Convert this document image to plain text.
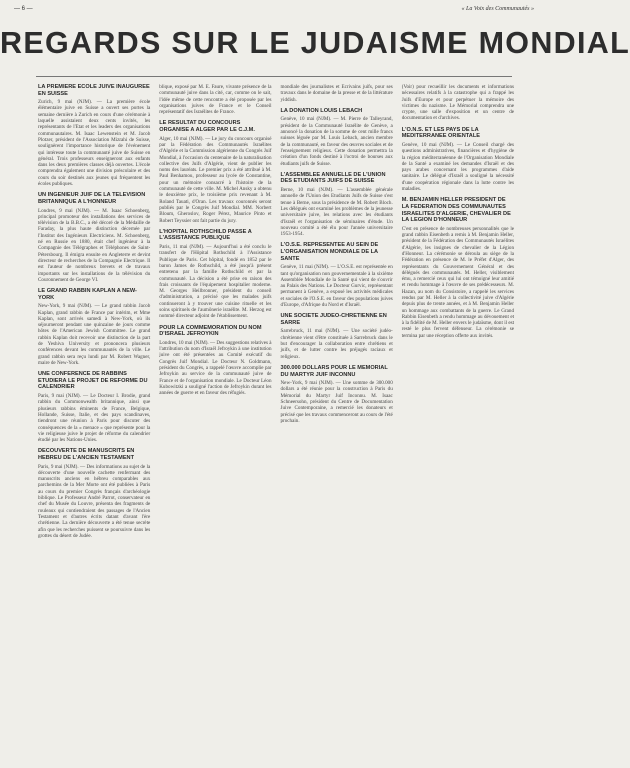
— 6 —	« La Voix des Communautés »
REGARDS SUR LE JUDAISME MONDIAL
LA PREMIERE ECOLE JUIVE INAUGUREE EN SUISSE

Zurich, 9 mai (NJM). — La première école élémentaire juive en Suisse a ouvert ses portes la semaine dernière à Zurich en cours d'une cérémonie à laquelle assistaient deux cents invités, les représentants de l'Etat et les leaders des organisations communautaires. M. Isaac Lewenstein et M. Jacob Plotzer, président de l'Association Mizrahi de Suisse, soulignèrent l'importance historique de l'événement qui intéresse toute la communauté juive de Suisse en général. Trois professeurs enseigneront aux enfants dans les deux premières classes déjà ouvertes. L'école comprendra également une division préscolaire et des cours du soir destinés aux jeunes qui fréquentent les écoles publiques.

UN INGENIEUR JUIF DE LA TELEVISION BRITANNIQUE A L'HONNEUR

Londres, 9 mai (NJM). — M. Isaac Schoenberg, principal promoteur des installations des services de télévision de la B.B.C., a été décoré de la Médaille de Faraday, la plus haute distinction décernée par l'Institut des Ingénieurs Electriciens. M. Schoenberg, né en Russie en 1880, était chef ingénieur à la Compagnie des Télégraphes et Téléphones de Saint-Pétersbourg. Il émigra ensuite en Angleterre et devint directeur de recherches de la Compagnie Electrique. Il est l'auteur de nombreux brevets et de travaux importants sur les installations de la télévision du Couronnement de George VI.

LE GRAND RABBIN KAPLAN A NEW-YORK

New-York, 9 mai (NJM). — Le grand rabbin Jacob Kaplan, grand rabbin de France par intérim, et Mme Kaplan, sont arrivés samedi à New-York, où ils séjourneront pendant une quinzaine de jours comme hôtes de l'American Jewish Committee. Le grand rabbin Kaplan doit recevoir une distinction de la part de Yeshiva University et prononcera plusieurs conférences devant les communautés de la ville. Le grand rabbin sera reçu lundi par M. Robert Wagner, maire de New-York.

UNE CONFERENCE DE RABBINS ETUDIERA LE PROJET DE REFORME DU CALENDRIER

Paris, 9 mai (NJM). — Le Docteur I. Brodie, grand rabbin du Commonwealth britannique, ainsi que plusieurs rabbins éminents de France, Belgique, Hollande, Suisse, Italie, et des pays scandinaves, tiendront une réunion à Paris pour discuter des conséquences de la « menace » que représente pour la vie religieuse juive le projet de réforme du calendrier étudié par les Nations-Unies.

DECOUVERTE DE MANUSCRITS EN HEBREU DE L'ANCIEN TESTAMENT

Paris, 9 mai (NJM). — Des informations au sujet de la découverte d'une nouvelle cachette renfermant des manuscrits anciens en hébreu comparables aux parchemins de la Mer Morte ont été publiées à Paris au cours du premier Congrès français d'archéologie biblique. Le Professeur André Parrot, conservateur en chef du Musée du Louvre, présenta des fragments de rouleaux qui contiendraient des passages de l'Ancien Testament et d'autres écrits datant d'avant l'ère chrétienne. La dernière découverte a été tenue secrète afin que les recherches puissent se poursuivre dans les grottes du désert de Judée.

blique, exposé par M. E. Faure, vivante présence de la communauté juive dans la cité, car, comme on le sait, l'idée même de cette rencontre a été proposée par les organisations juives de France et le Conseil représentatif des Israélites de France.

LE RESULTAT DU CONCOURS ORGANISE A ALGER PAR LE C.J.M.

Alger, 10 mai (NJM). — Le jury du concours organisé par la Fédération des Communautés Israélites d'Algérie et la Commission algérienne du Congrès Juif Mondial, à l'occasion du centenaire de la naturalisation collective des Juifs d'Algérie, vient de publier les noms des lauréats. Le premier prix a été attribué à M. Paul Benhamou, professeur au lycée de Constantine, pour un mémoire consacré à l'histoire de la communauté de cette ville. M. Michel Ansky a obtenu le deuxième prix, le troisième prix revenant à M. Roland Tauati, d'Oran. Les travaux couronnés seront publiés par le Congrès Juif Mondial. MM. Norbert Bloum, Gheroslov, Roger Pérez, Maurice Pinto et Robert Teyssier ont fait partie du jury.

L'HOPITAL ROTHSCHILD PASSE A L'ASSISTANCE PUBLIQUE

Paris, 11 mai (NJM). — Aujourd'hui a été conclu le transfert de l'Hôpital Rothschild à l'Assistance Publique de Paris. Cet hôpital, fondé en 1852 par le baron James de Rothschild, a été jusqu'à présent entretenu par la famille Rothschild et par la communauté. La décision a été prise en raison des frais croissants de l'équipement hospitalier moderne. M. Georges Heilbronner, président du conseil d'administration, a précisé que les malades juifs continueront à y trouver une cuisine rituelle et les soins spirituels de l'aumônerie israélite. M. Herzog est nommé directeur adjoint de l'établissement.

POUR LA COMMEMORATION DU NOM D'ISRAEL JEFROYKIN

Londres, 10 mai (NJM). — Des suggestions relatives à l'attribution du nom d'Israël Jefroykin à une institution juive ont été présentées au Comité exécutif du Congrès Juif Mondial. Le Docteur N. Goldmann, président du Congrès, a rappelé l'œuvre accomplie par Jefroykin au service de la communauté juive de France et de l'organisation mondiale. Le Docteur Léon Kubowitzki a souligné l'action de Jefroykin durant les années de guerre et en faveur des réfugiés.

mondiale des journalistes et Ecrivains juifs, pour ses travaux dans le domaine de la presse et de la littérature yiddish.

LA DONATION LOUIS LEBACH

Genève, 10 mai (NJM). — M. Pierre de Talleyrand, président de la Communauté Israélite de Genève, a annoncé la donation de la somme de cent mille francs suisses léguée par M. Louis Lebach, ancien membre de la communauté, en faveur des œuvres sociales et de l'enseignement religieux. Cette donation permettra la création d'un fonds destiné à l'octroi de bourses aux étudiants juifs de Suisse.

L'ASSEMBLEE ANNUELLE DE L'UNION DES ETUDIANTS JUIFS DE SUISSE

Berne, 10 mai (NJM). — L'assemblée générale annuelle de l'Union des Etudiants Juifs de Suisse s'est tenue à Berne, sous la présidence de M. Robert Bloch. Les délégués ont examiné les problèmes de la jeunesse universitaire juive, les relations avec les étudiants d'Israël et l'organisation de séminaires d'étude. Un nouveau comité a été élu pour l'année universitaire 1953-1954.

L'O.S.E. REPRESENTEE AU SEIN DE L'ORGANISATION MONDIALE DE LA SANTE

Genève, 11 mai (NJM). — L'O.S.E. est représentée en tant qu'organisation non gouvernementale à la sixième Assemblée Mondiale de la Santé qui vient de s'ouvrir au Palais des Nations. Le Docteur Gurvic, représentant permanent à Genève, a exposé les activités médicales et sociales de l'O.S.E. en faveur des populations juives d'Europe, d'Afrique du Nord et d'Israël.

UNE SOCIETE JUDEO-CHRETIENNE EN SARRE

Sarrebruck, 11 mai (NJM). — Une société judéo-chrétienne vient d'être constituée à Sarrebruck dans le but d'encourager la collaboration entre chrétiens et juifs, et de lutter contre les préjugés raciaux et religieux.

300.000 DOLLARS POUR LE MEMORIAL DU MARTYR JUIF INCONNU

New-York, 9 mai (NJM). — Une somme de 300.000 dollars a été réunie pour la construction à Paris du Mémorial du Martyr Juif Inconnu. M. Isaac Schneersohn, président du Centre de Documentation Juive Contemporaine, a remercié les donateurs et précisé que les travaux commenceront au cours de l'été prochain.

(Voir) pour recueillir les documents et informations nécessaires relatifs à la catastrophe qui a frappé les Juifs d'Europe et pour perpétuer la mémoire des victimes du nazisme. Le Mémorial comprendra une crypte, une salle d'exposition et un centre de documentation et d'archives.

L'O.N.S. ET LES PAYS DE LA MEDITERRANEE ORIENTALE

Genève, 10 mai (NJM). — Le Conseil chargé des questions administratives, financières et d'hygiène de la région méditerranéenne de l'Organisation Mondiale de la Santé a examiné les demandes d'Israël et des pays arabes concernant les programmes d'aide sanitaire. Le délégué d'Israël a souligné la nécessité d'une coopération régionale dans la lutte contre les maladies.

M. BENJAMIN HELLER PRESIDENT DE LA FEDERATION DES COMMUNAUTES ISRAELITES D'ALGERIE, CHEVALIER DE LA LEGION D'HONNEUR

C'est en présence de nombreuses personnalités que le grand rabbin Eisenbeth a remis à M. Benjamin Heller, président de la Fédération des Communautés Israélites d'Algérie, les insignes de chevalier de la Légion d'Honneur. La cérémonie se déroula au siège de la Fédération en présence de M. le Préfet d'Alger, des représentants du Gouvernement Général et des délégués des communautés. M. Heller, visiblement ému, a remercié ceux qui lui ont témoigné leur amitié et rendu hommage à l'œuvre de ses prédécesseurs. M. Hazan, au nom du Consistoire, a rappelé les services rendus par M. Heller à la collectivité juive d'Algérie depuis plus de trente années, et à M. Benjamin Heller un hommage aux combattants de la guerre. Le Grand Rabbin Eisenbeth a rendu hommage au dévouement et à la fidélité de M. Heller envers le judaïsme, dont il est resté le plus fervent défenseur. La cérémonie se termina par une réception offerte aux invités.
